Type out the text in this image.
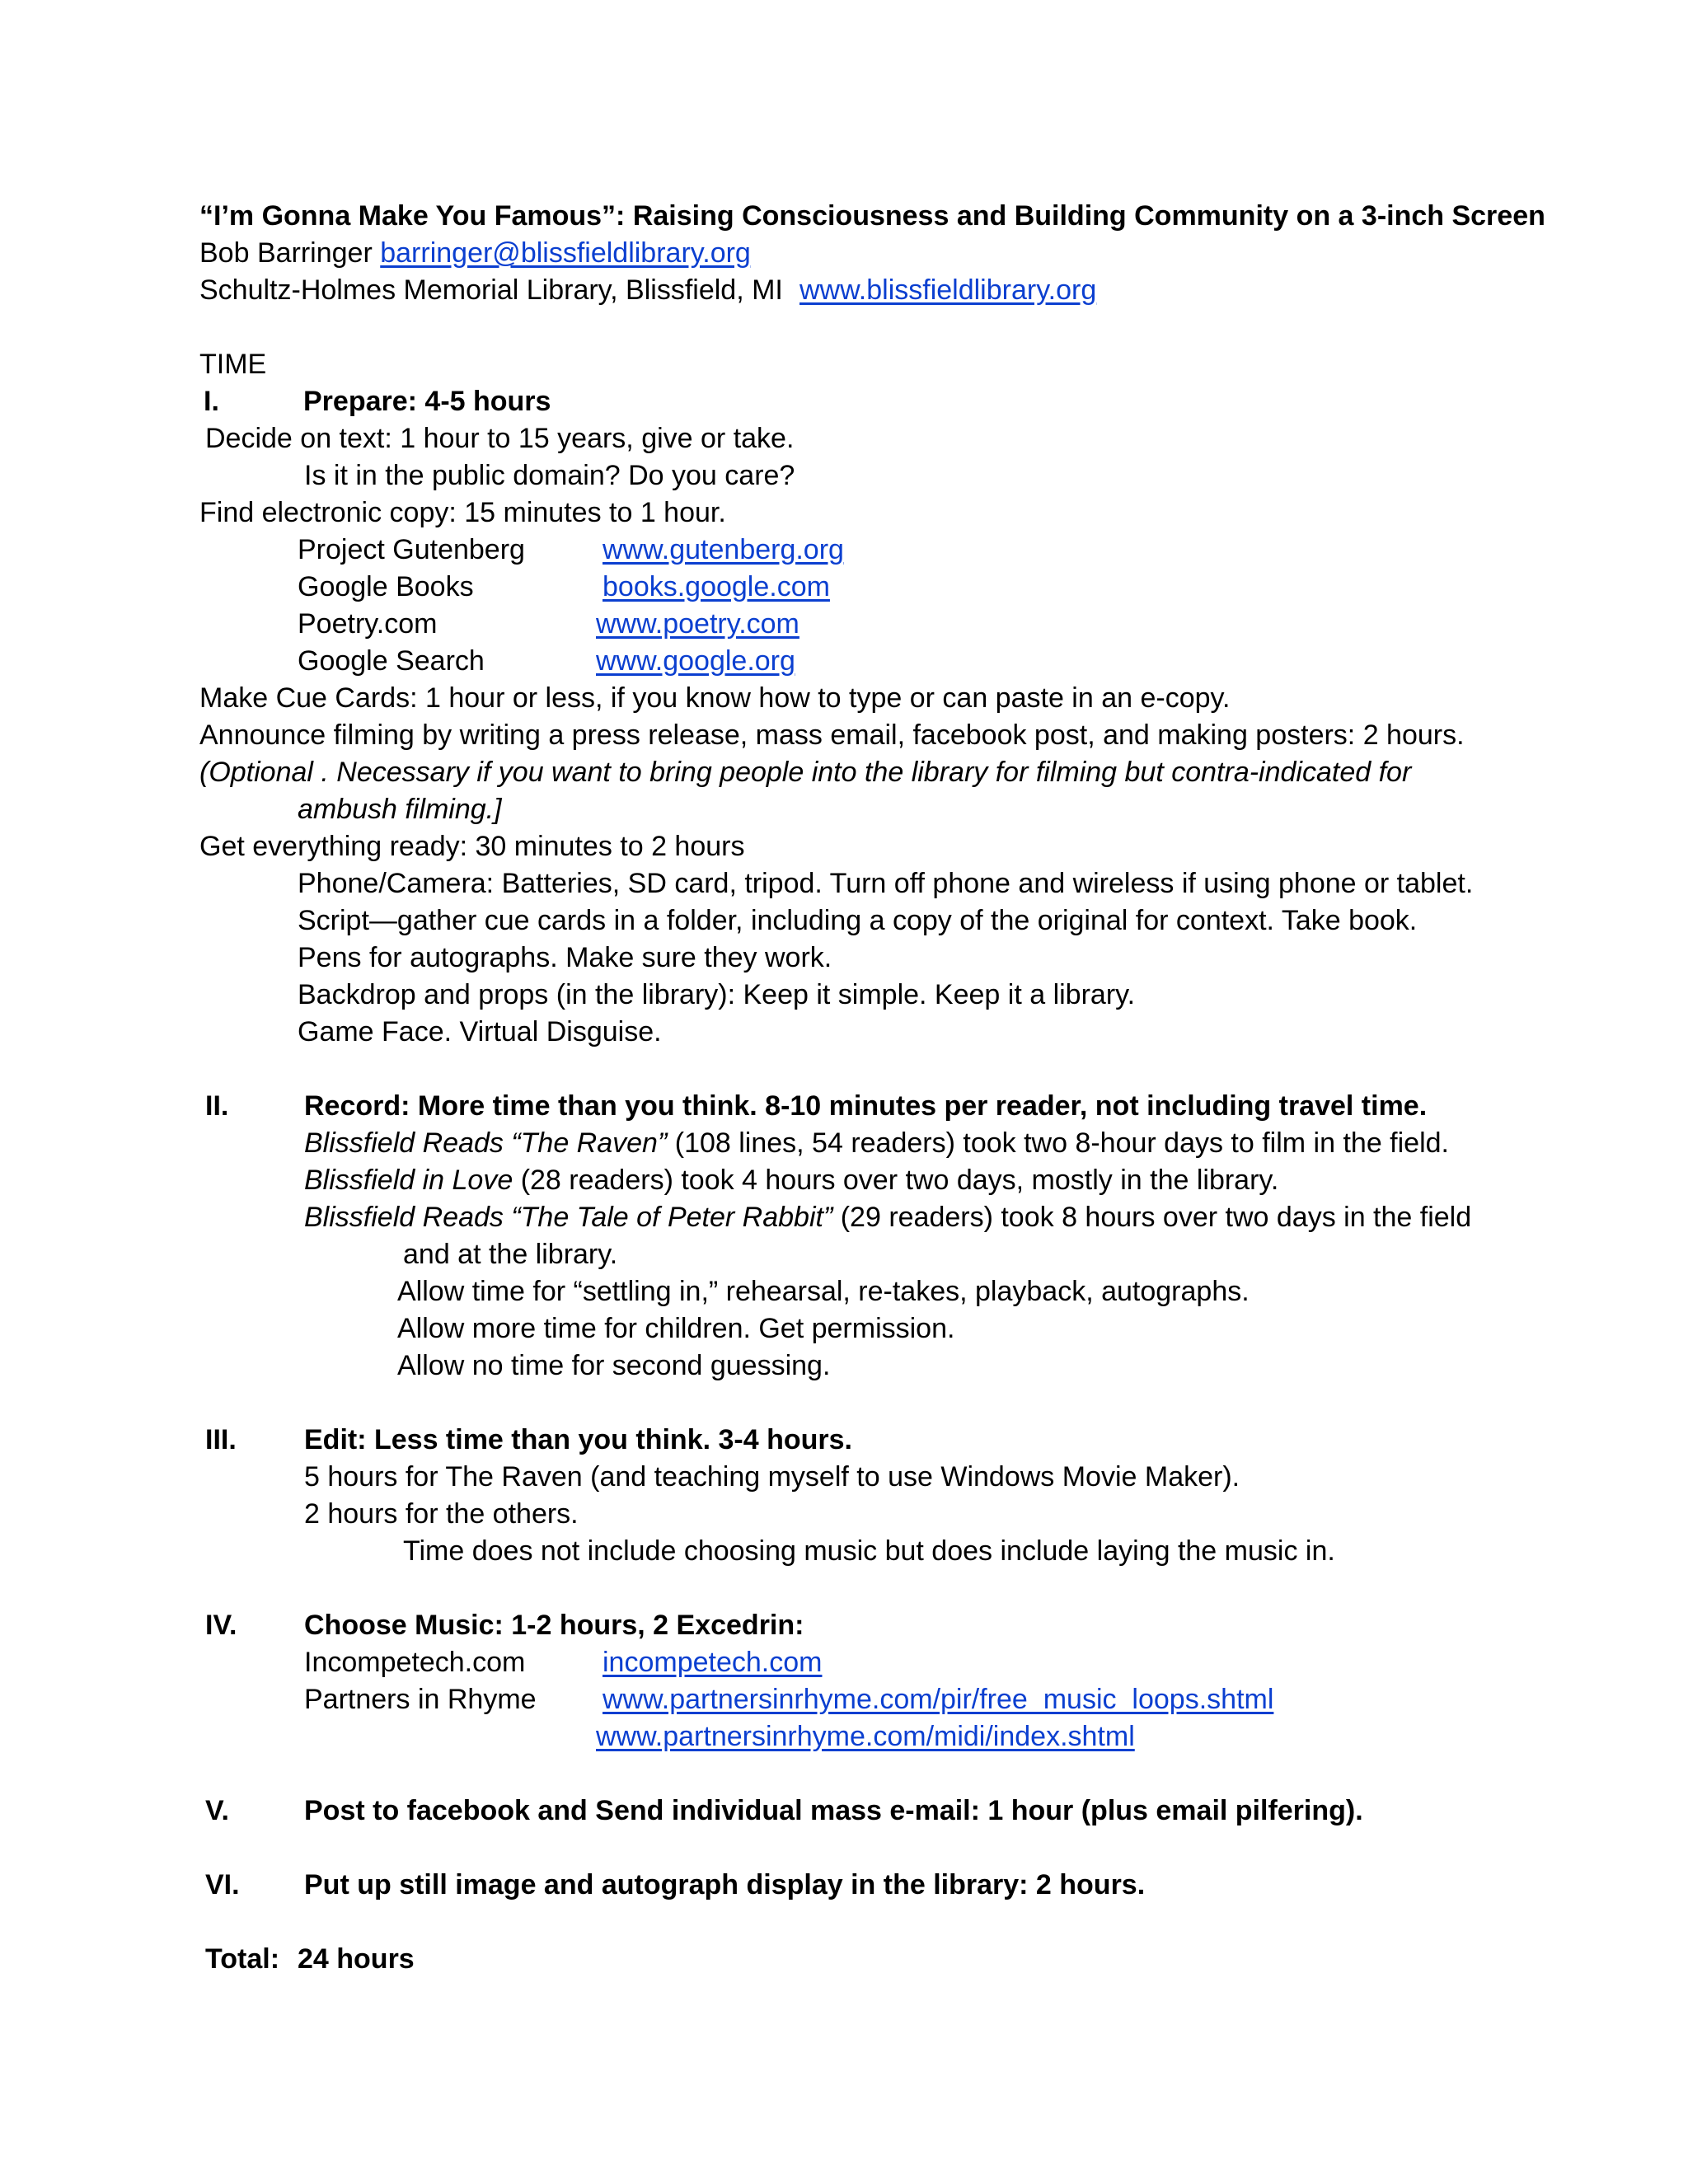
“I’m Gonna Make You Famous”: Raising Consciousness and Building Community on a 3-inch Screen
Bob Barringer barringer@blissfieldlibrary.org
Schultz-Holmes Memorial Library, Blissfield, MI www.blissfieldlibrary.org
TIME
I.	Prepare: 4-5 hours
Decide on text: 1 hour to 15 years, give or take.
Is it in the public domain? Do you care?
Find electronic copy: 15 minutes to 1 hour.
Project Gutenberg	www.gutenberg.org
Google Books	books.google.com
Poetry.com	www.poetry.com
Google Search	www.google.org
Make Cue Cards: 1 hour or less, if you know how to type or can paste in an e-copy.
Announce filming by writing a press release, mass email, facebook post, and making posters: 2 hours.
(Optional . Necessary if you want to bring people into the library for filming but contra-indicated for
ambush filming.]
Get everything ready: 30 minutes to 2 hours
Phone/Camera: Batteries, SD card, tripod. Turn off phone and wireless if using phone or tablet.
Script—gather cue cards in a folder, including a copy of the original for context. Take book.
Pens for autographs. Make sure they work.
Backdrop and props (in the library): Keep it simple. Keep it a library.
Game Face. Virtual Disguise.
II.	Record: More time than you think. 8-10 minutes per reader, not including travel time.
Blissfield Reads “The Raven” (108 lines, 54 readers) took two 8-hour days to film in the field.
Blissfield in Love (28 readers) took 4 hours over two days, mostly in the library.
Blissfield Reads “The Tale of Peter Rabbit” (29 readers) took 8 hours over two days in the field
and at the library.
Allow time for “settling in,” rehearsal, re-takes, playback, autographs.
Allow more time for children. Get permission.
Allow no time for second guessing.
III. Edit: Less time than you think. 3-4 hours.
5 hours for The Raven (and teaching myself to use Windows Movie Maker).
2 hours for the others.
Time does not include choosing music but does include laying the music in.
IV. Choose Music: 1-2 hours, 2 Excedrin:
Incompetech.com	incompetech.com
Partners in Rhyme www.partnersinrhyme.com/pir/free_music_loops.shtml
www.partnersinrhyme.com/midi/index.shtml
V.	Post to facebook and Send individual mass e-mail: 1 hour (plus email pilfering).
VI. Put up still image and autograph display in the library: 2 hours.
Total: 24 hours
